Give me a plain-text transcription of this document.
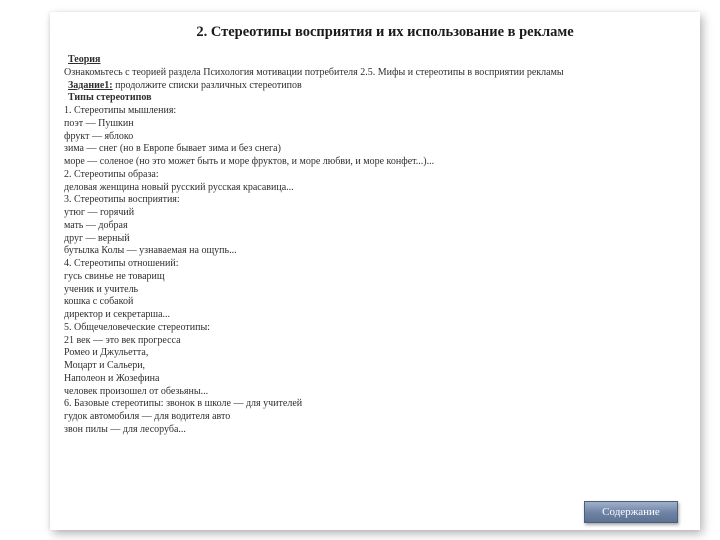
2. Стереотипы восприятия и их использование в рекламе
Теория
Ознакомьтесь с теорией раздела Психология мотивации потребителя 2.5. Мифы и стереотипы в восприятии рекламы
Задание1: продолжите списки различных стереотипов
Типы стереотипов
1. Стереотипы мышления:
поэт — Пушкин
фрукт — яблоко
зима — снег (но в Европе бывает зима и без снега)
море — соленое (но это может быть и море фруктов, и море любви, и море конфет...)...
2. Стереотипы образа:
деловая женщина новый русский русская красавица...
3. Стереотипы восприятия:
утюг — горячий
мать — добрая
друг — верный
бутылка Колы — узнаваемая на ощупь...
4. Стереотипы отношений:
гусь свинье не товарищ
ученик и учитель
кошка с собакой
директор и секретарша...
5. Общечеловеческие стереотипы:
21 век — это век прогресса
Ромео и Джульетта,
Моцарт и Сальери,
Наполеон и Жозефина
человек произошел от обезьяны...
6. Базовые стереотипы: звонок в школе — для учителей
гудок автомобиля — для водителя авто
звон пилы — для лесоруба...
Содержание
